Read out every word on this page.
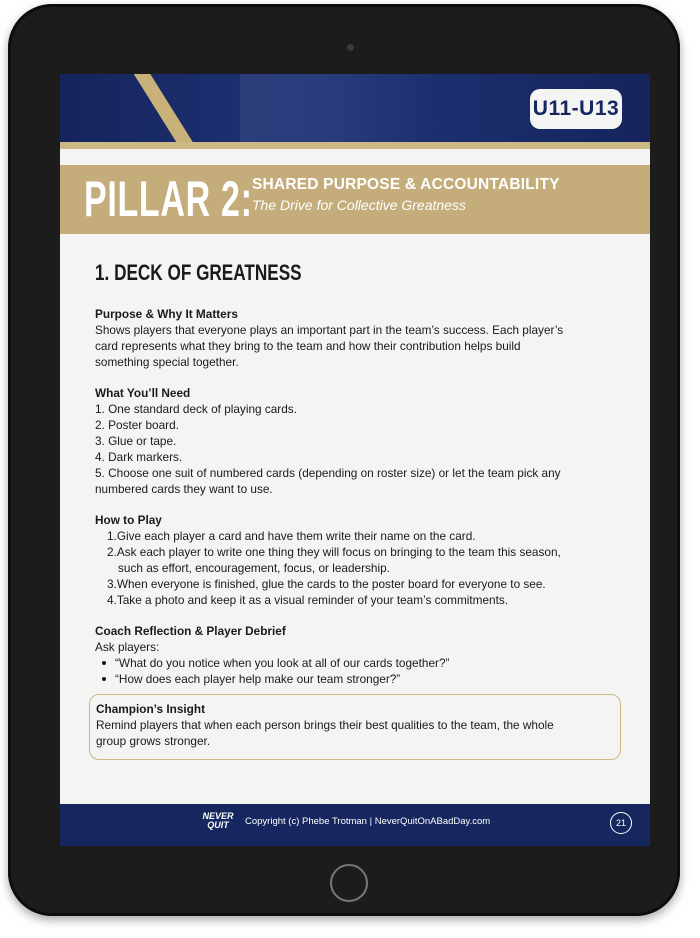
U11-U13
PILLAR 2: SHARED PURPOSE & ACCOUNTABILITY
The Drive for Collective Greatness
1. DECK OF GREATNESS

Purpose & Why It Matters

Shows players that everyone plays an important part in the team’s success. Each player’s

card represents what they bring to the team and how their contribution helps build

something special together.

What You’ll Need

1. One standard deck of playing cards.
2. Poster board.
3. Glue or tape.
4. Dark markers.
5. Choose one suit of numbered cards (depending on roster size) or let the team pick any
numbered cards they want to use.

How to Play

1.Give each player a card and have them write their name on the card.
2.Ask each player to write one thing they will focus on bringing to the team this season,
such as effort, encouragement, focus, or leadership.
3.When everyone is finished, glue the cards to the poster board for everyone to see.
4.Take a photo and keep it as a visual reminder of your team’s commitments.

Coach Reflection & Player Debrief

Ask players:

“What do you notice when you look at all of our cards together?”
“How does each player help make our team stronger?”

Champion’s Insight

Remind players that when each person brings their best qualities to the team, the whole

group grows stronger.

NEVER
QUIT	Copyright (c) Phebe Trotman | NeverQuitOnABadDay.com	21
